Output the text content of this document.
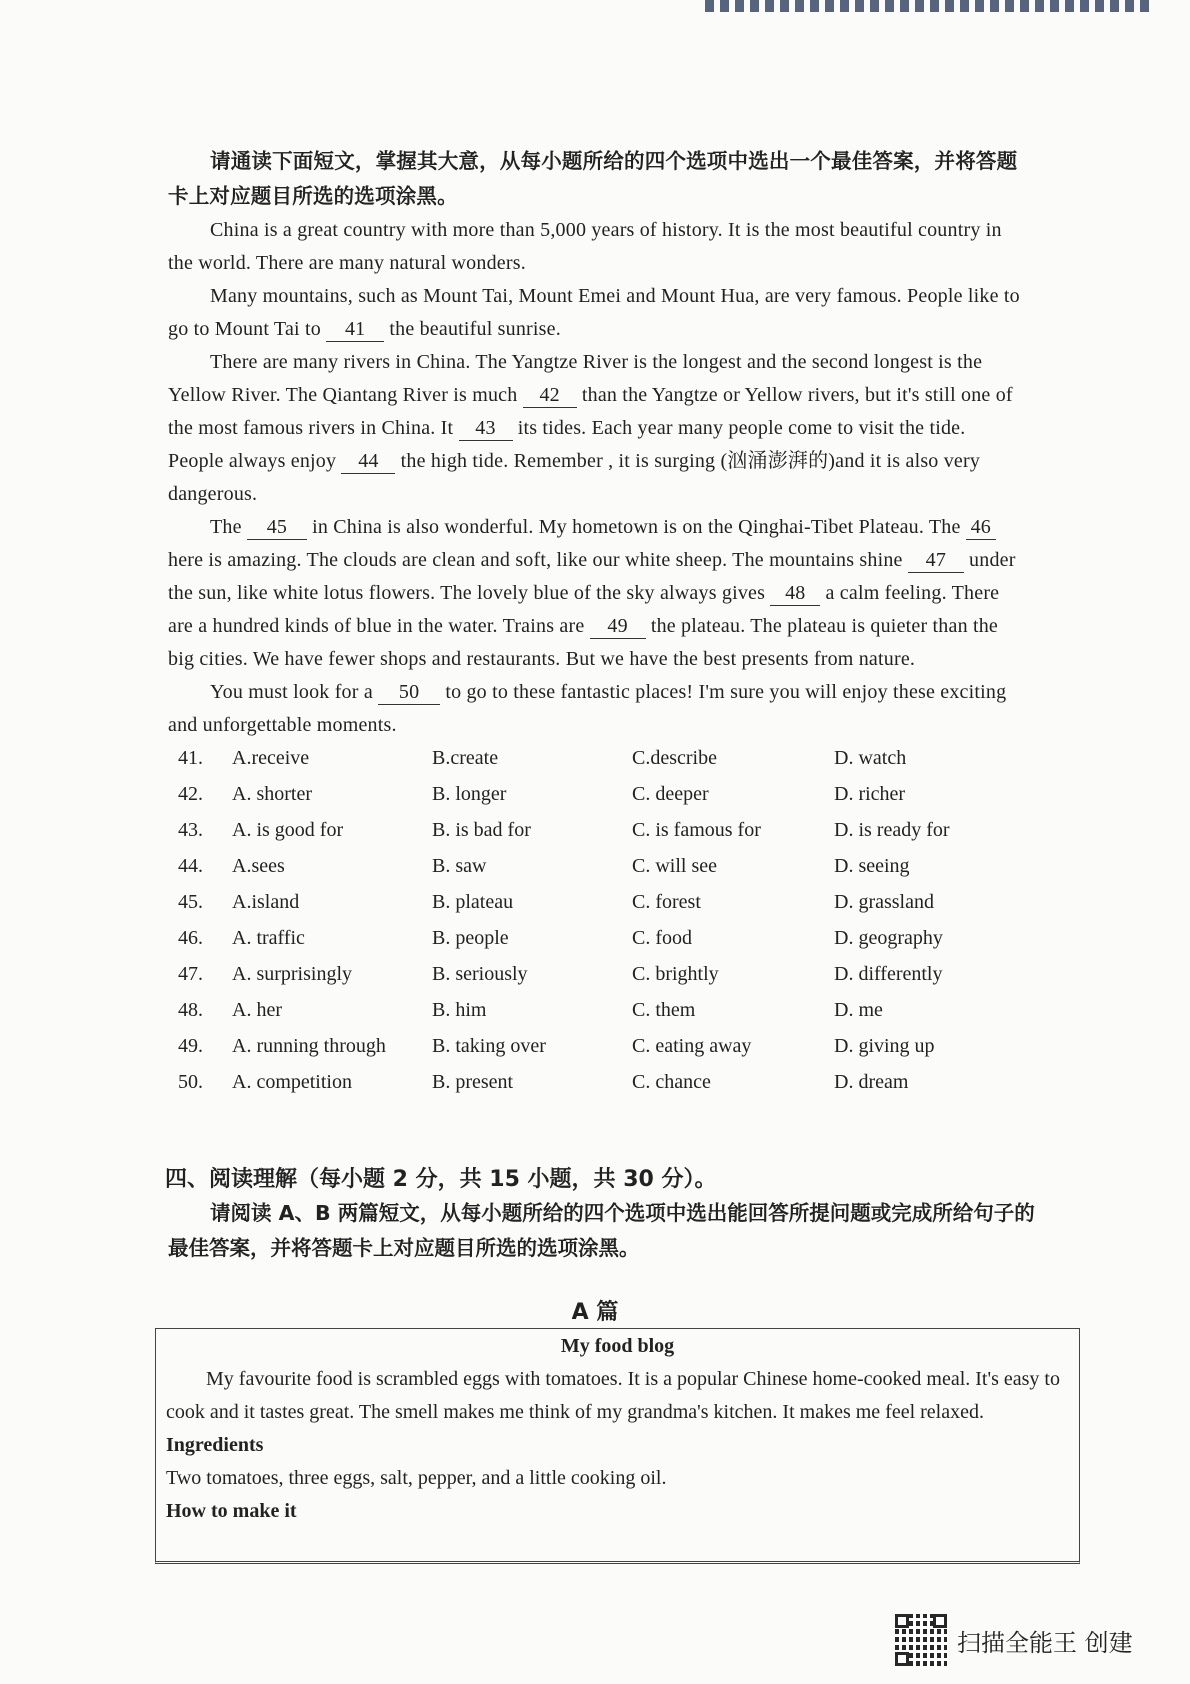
请通读下面短文，掌握其大意，从每小题所给的四个选项中选出一个最佳答案，并将答题卡上对应题目所选的选项涂黑。

China is a great country with more than 5,000 years of history. It is the most beautiful country in the world. There are many natural wonders.

Many mountains, such as Mount Tai, Mount Emei and Mount Hua, are very famous. People like to go to Mount Tai to 41 the beautiful sunrise.

There are many rivers in China. The Yangtze River is the longest and the second longest is the Yellow River. The Qiantang River is much 42 than the Yangtze or Yellow rivers, but it's still one of the most famous rivers in China. It 43 its tides. Each year many people come to visit the tide. People always enjoy 44 the high tide. Remember , it is surging (汹涌澎湃的)and it is also very dangerous.

The 45 in China is also wonderful. My hometown is on the Qinghai-Tibet Plateau. The 46 here is amazing. The clouds are clean and soft, like our white sheep. The mountains shine 47 under the sun, like white lotus flowers. The lovely blue of the sky always gives 48 a calm feeling. There are a hundred kinds of blue in the water. Trains are 49 the plateau. The plateau is quieter than the big cities. We have fewer shops and restaurants. But we have the best presents from nature.

You must look for a 50 to go to these fantastic places! I'm sure you will enjoy these exciting and unforgettable moments.

41.	A.receive	B.create	C.describe	D. watch
42.	A. shorter	B. longer	C. deeper	D. richer
43.	A. is good for	B. is bad for	C. is famous for	D. is ready for
44.	A.sees	B. saw	C. will see	D. seeing
45.	A.island	B. plateau	C. forest	D. grassland
46.	A. traffic	B. people	C. food	D. geography
47.	A. surprisingly	B. seriously	C. brightly	D. differently
48.	A. her	B. him	C. them	D. me
49.	A. running through	B. taking over	C. eating away	D. giving up
50.	A. competition	B. present	C. chance	D. dream
四、阅读理解（每小题 2 分，共 15 小题，共 30 分）。
请阅读 A、B 两篇短文，从每小题所给的四个选项中选出能回答所提问题或完成所给句子的最佳答案，并将答题卡上对应题目所选的选项涂黑。
A 篇
My food blog

My favourite food is scrambled eggs with tomatoes. It is a popular Chinese home-cooked meal. It's easy to cook and it tastes great. The smell makes me think of my grandma's kitchen. It makes me feel relaxed.

Ingredients

Two tomatoes, three eggs, salt, pepper, and a little cooking oil.

How to make it

扫描全能王 创建
